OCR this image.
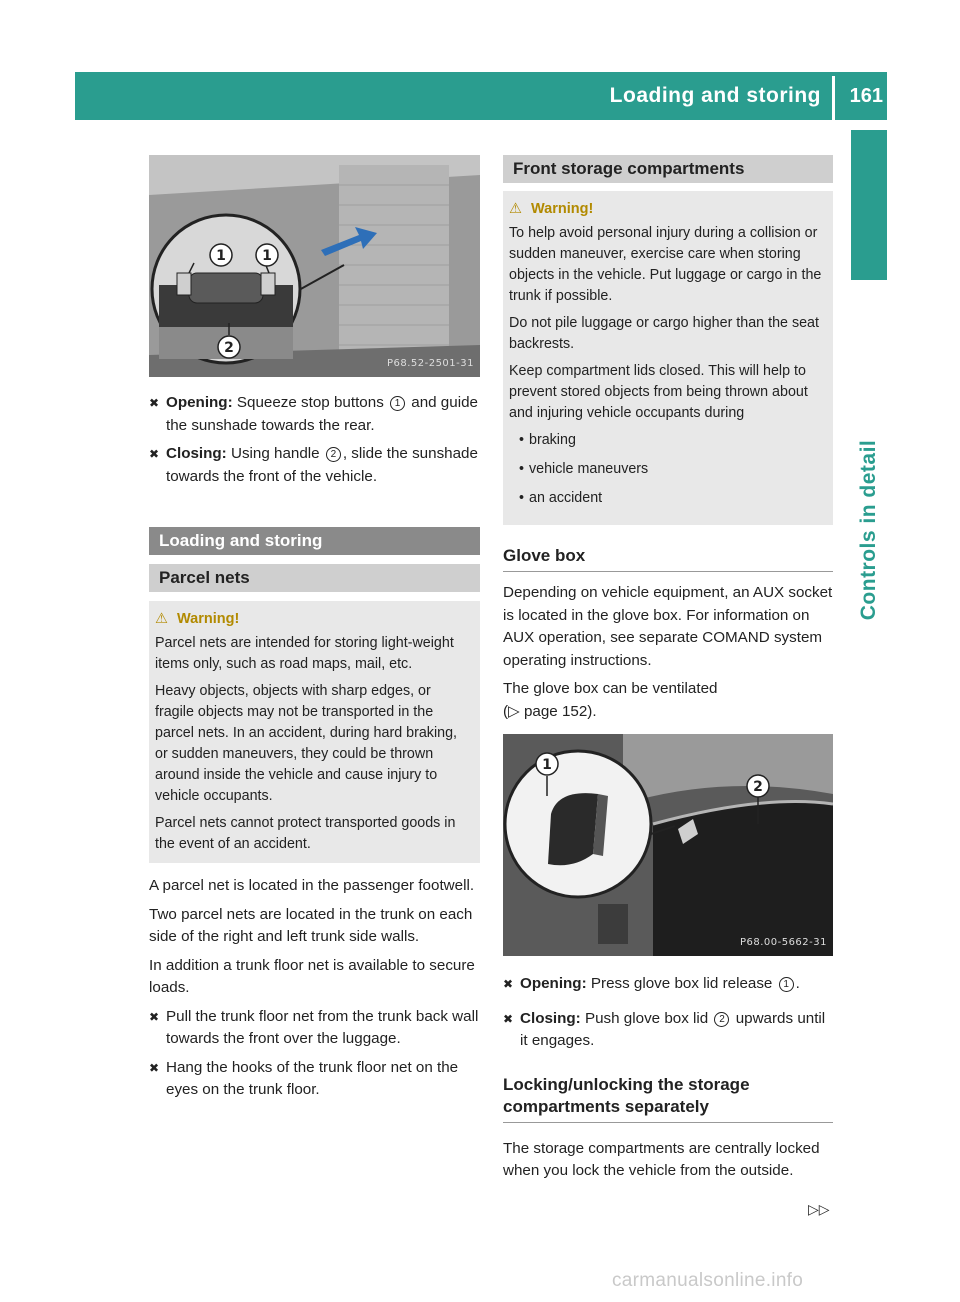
Loading and storing 161
Controls in detail
1	1
2
P68.52-2501-31
✖ Opening: Squeeze stop buttons 1 and guide the sunshade towards the rear.
✖ Closing: Using handle 2 , slide the sunshade towards the front of the vehicle.
Loading and storing
Parcel nets
⚠ Warning!

Parcel nets are intended for storing light-weight items only, such as road maps, mail, etc.

Heavy objects, objects with sharp edges, or fragile objects may not be transported in the parcel nets. In an accident, during hard braking, or sudden maneuvers, they could be thrown around inside the vehicle and cause injury to vehicle occupants.

Parcel nets cannot protect transported goods in the event of an accident.

A parcel net is located in the passenger footwell.

Two parcel nets are located in the trunk on each side of the right and left trunk side walls.

In addition a trunk floor net is available to secure loads.

✖ Pull the trunk floor net from the trunk back wall towards the front over the luggage.
✖ Hang the hooks of the trunk floor net on the eyes on the trunk floor.
Front storage compartments
⚠ Warning!

To help avoid personal injury during a collision or sudden maneuver, exercise care when storing objects in the vehicle. Put luggage or cargo in the trunk if possible.

Do not pile luggage or cargo higher than the seat backrests.

Keep compartment lids closed. This will help to prevent stored objects from being thrown about and injuring vehicle occupants during

• braking
• vehicle maneuvers
• an accident
Glove box

Depending on vehicle equipment, an AUX socket is located in the glove box. For information on AUX operation, see separate COMAND system operating instructions.

The glove box can be ventilated

(▷ page 152).

1
2
P68.00-5662-31
✖ Opening: Press glove box lid release 1 .
✖ Closing: Push glove box lid 2 upwards until it engages.
Locking/unlocking the storage compartments separately

The storage compartments are centrally locked when you lock the vehicle from the outside.

▷▷
carmanualsonline.info
